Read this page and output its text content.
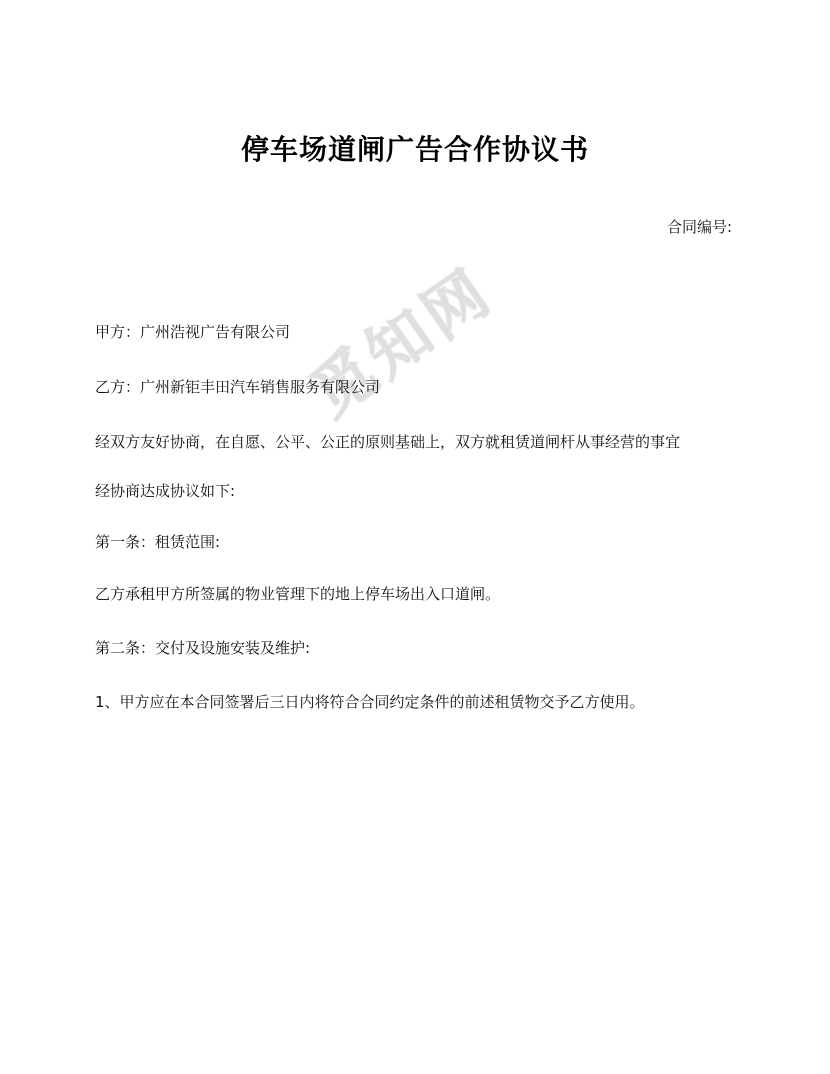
觅知网
停车场道闸广告合作协议书
合同编号:
甲方：广州浩视广告有限公司
乙方：广州新钜丰田汽车销售服务有限公司
经双方友好协商，在自愿、公平、公正的原则基础上，双方就租赁道闸杆从事经营的事宜
经协商达成协议如下:
第一条：租赁范围:
乙方承租甲方所签属的物业管理下的地上停车场出入口道闸。
第二条：交付及设施安装及维护:
1、甲方应在本合同签署后三日内将符合合同约定条件的前述租赁物交予乙方使用。
